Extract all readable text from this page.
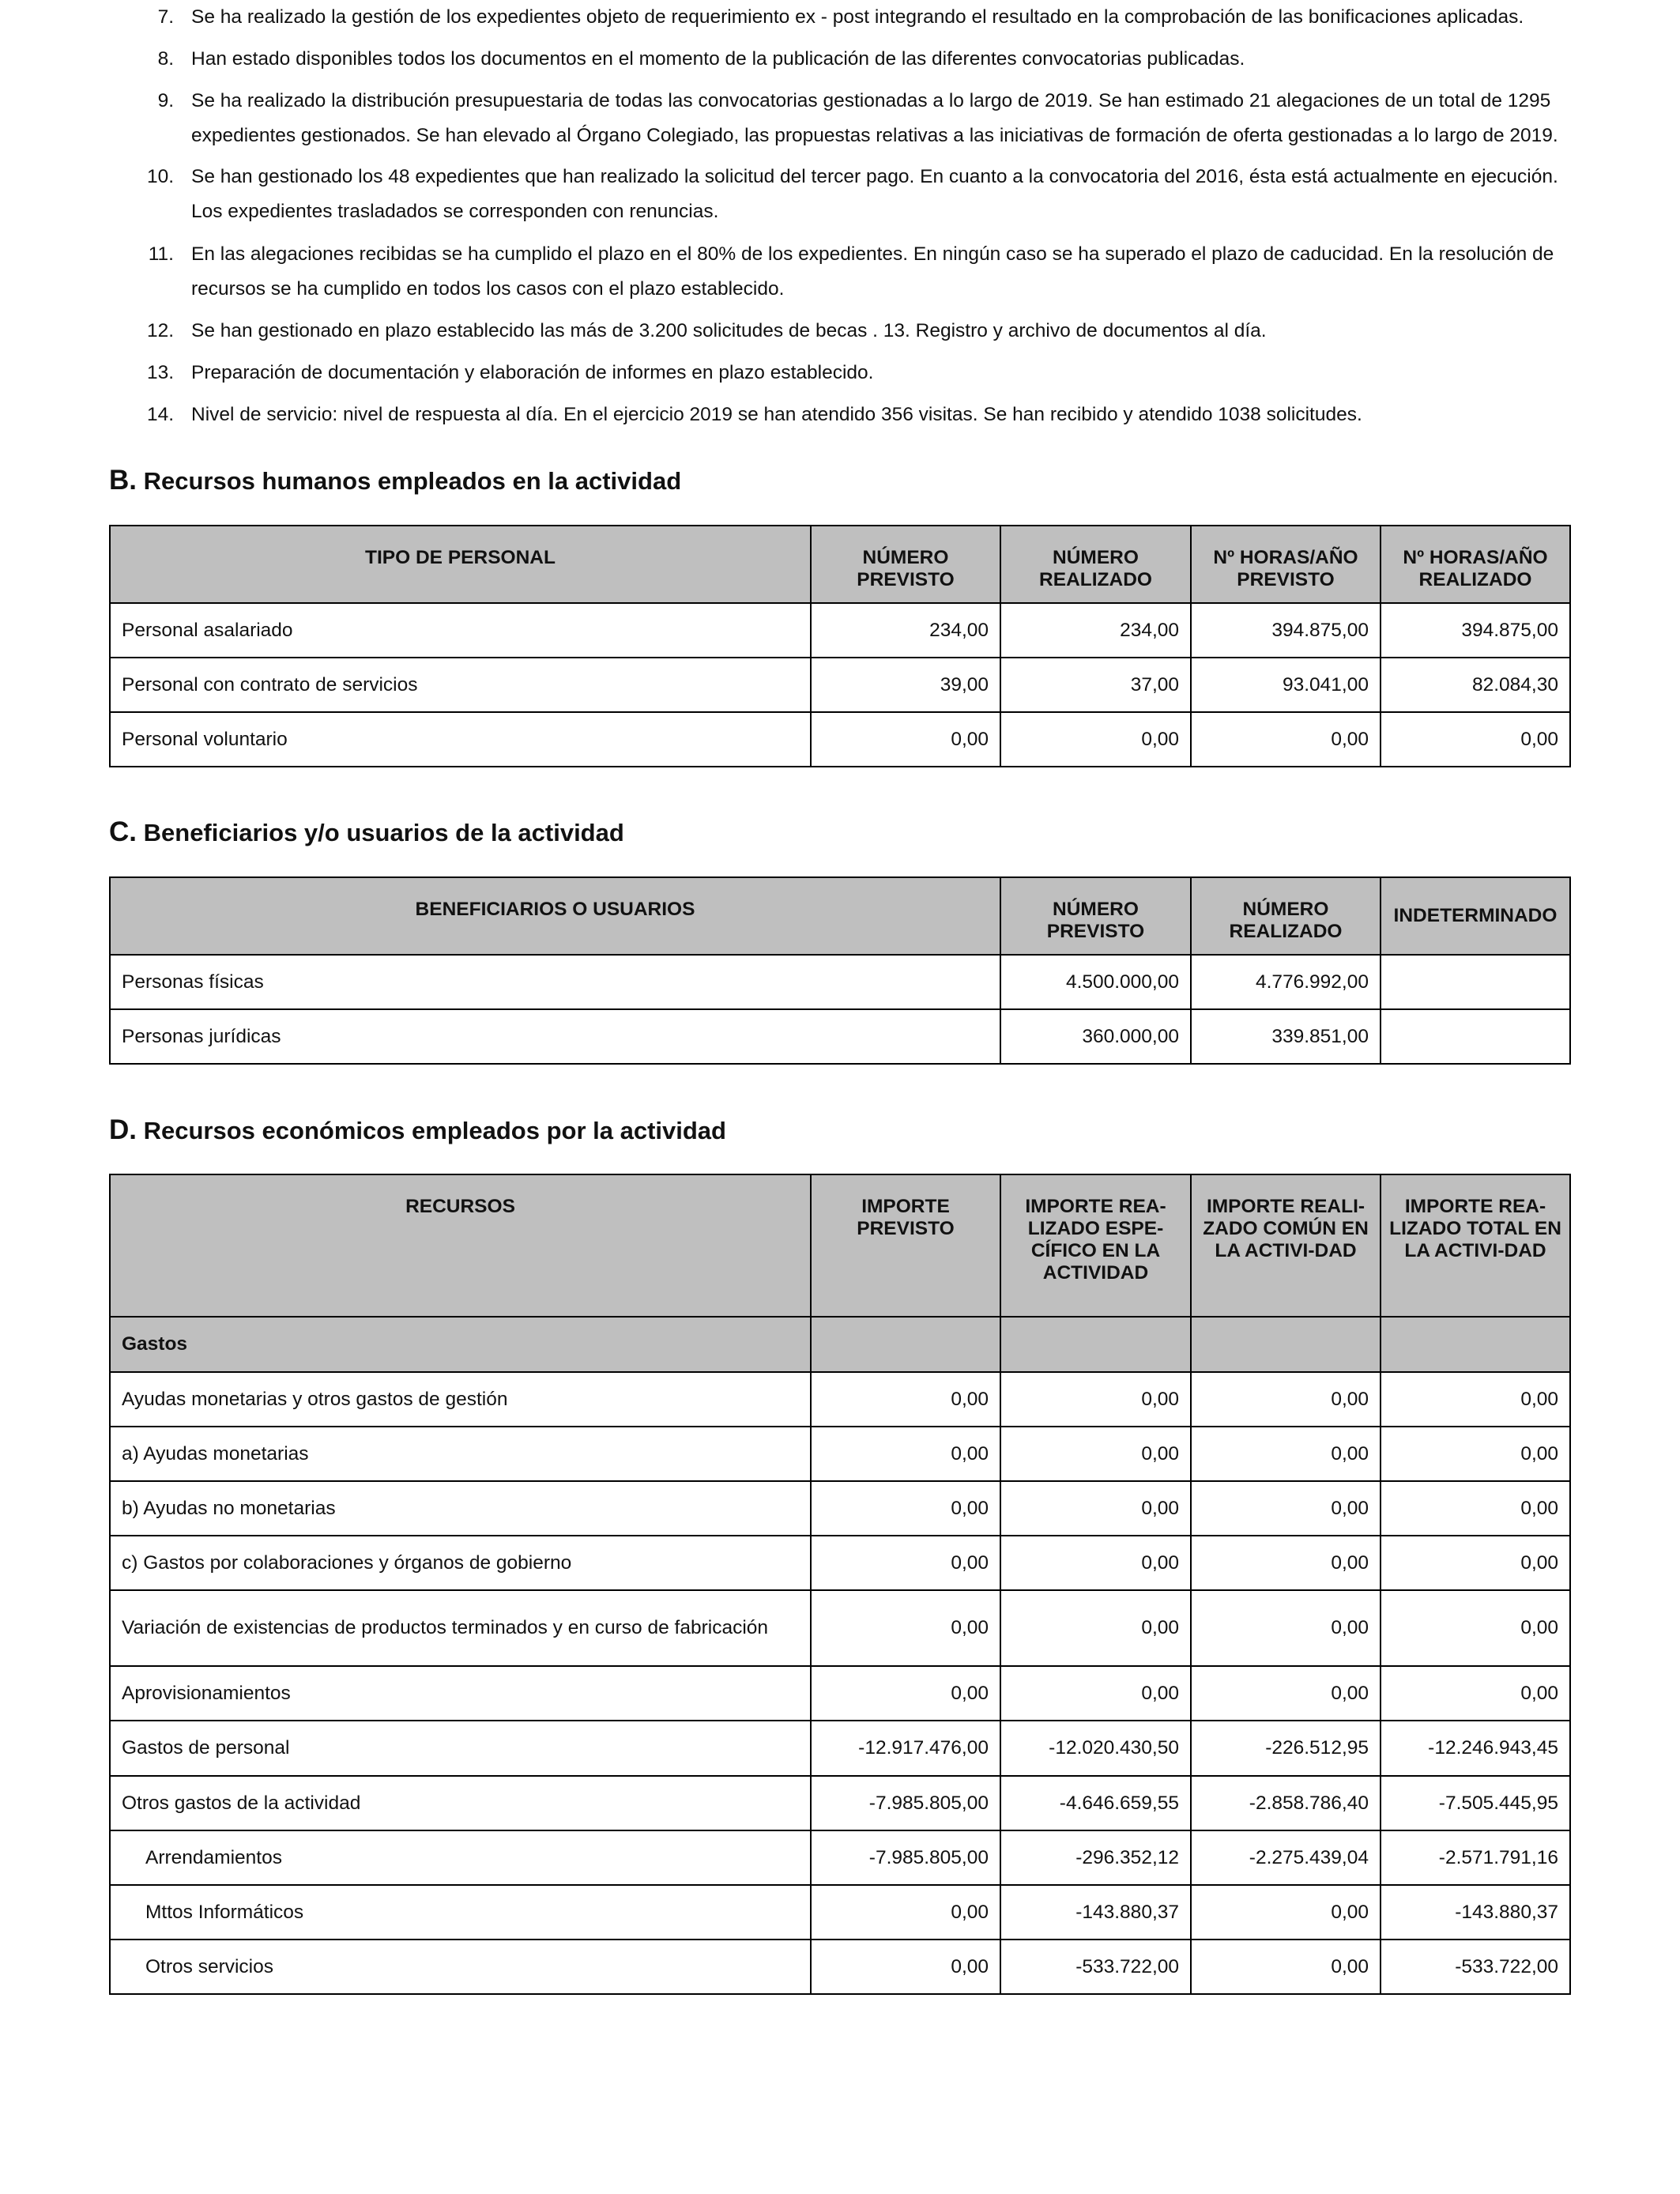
7. Se ha realizado la gestión de los expedientes objeto de requerimiento ex - post integrando el resultado en la comprobación de las bonificaciones aplicadas.
8. Han estado disponibles todos los documentos en el momento de la publicación de las diferentes convocatorias publicadas.
9. Se ha realizado la distribución presupuestaria de todas las convocatorias gestionadas a lo largo de 2019. Se han estimado 21 alegaciones de un total de 1295 expedientes gestionados. Se han elevado al Órgano Colegiado, las propuestas relativas a las iniciativas de formación de oferta gestionadas a lo largo de 2019.
10. Se han gestionado los 48 expedientes que han realizado la solicitud del tercer pago. En cuanto a la convocatoria del 2016, ésta está actualmente en ejecución. Los expedientes trasladados se corresponden con renuncias.
11. En las alegaciones recibidas se ha cumplido el plazo en el 80% de los expedientes. En ningún caso se ha superado el plazo de caducidad. En la resolución de recursos se ha cumplido en todos los casos con el plazo establecido.
12. Se han gestionado en plazo establecido las más de 3.200 solicitudes de becas . 13. Registro y archivo de documentos al día.
13. Preparación de documentación y elaboración de informes en plazo establecido.
14. Nivel de servicio: nivel de respuesta al día. En el ejercicio 2019 se han atendido 356 visitas. Se han recibido y atendido 1038 solicitudes.
B. Recursos humanos empleados en la actividad
TIPO DE PERSONAL	NÚMERO PREVISTO	NÚMERO REALIZADO	Nº HORAS/AÑO PREVISTO	Nº HORAS/AÑO REALIZADO
Personal asalariado	234,00	234,00	394.875,00	394.875,00
Personal con contrato de servicios	39,00	37,00	93.041,00	82.084,30
Personal voluntario	0,00	0,00	0,00	0,00
C. Beneficiarios y/o usuarios de la actividad
BENEFICIARIOS O USUARIOS	NÚMERO PREVISTO	NÚMERO REALIZADO	INDETERMINADO
Personas físicas	4.500.000,00	4.776.992,00	
Personas jurídicas	360.000,00	339.851,00	
D. Recursos económicos empleados por la actividad
RECURSOS	IMPORTE PREVISTO	IMPORTE REA-LIZADO ESPE-CÍFICO EN LA ACTIVIDAD	IMPORTE REALI-ZADO COMÚN EN LA ACTIVI-DAD	IMPORTE REA-LIZADO TOTAL EN LA ACTIVI-DAD
Gastos				
Ayudas monetarias y otros gastos de gestión	0,00	0,00	0,00	0,00
a) Ayudas monetarias	0,00	0,00	0,00	0,00
b) Ayudas no monetarias	0,00	0,00	0,00	0,00
c) Gastos por colaboraciones y órganos de gobierno	0,00	0,00	0,00	0,00
Variación de existencias de productos terminados y en curso de fabricación	0,00	0,00	0,00	0,00
Aprovisionamientos	0,00	0,00	0,00	0,00
Gastos de personal	-12.917.476,00	-12.020.430,50	-226.512,95	-12.246.943,45
Otros gastos de la actividad	-7.985.805,00	-4.646.659,55	-2.858.786,40	-7.505.445,95
Arrendamientos	-7.985.805,00	-296.352,12	-2.275.439,04	-2.571.791,16
Mttos Informáticos	0,00	-143.880,37	0,00	-143.880,37
Otros servicios	0,00	-533.722,00	0,00	-533.722,00
